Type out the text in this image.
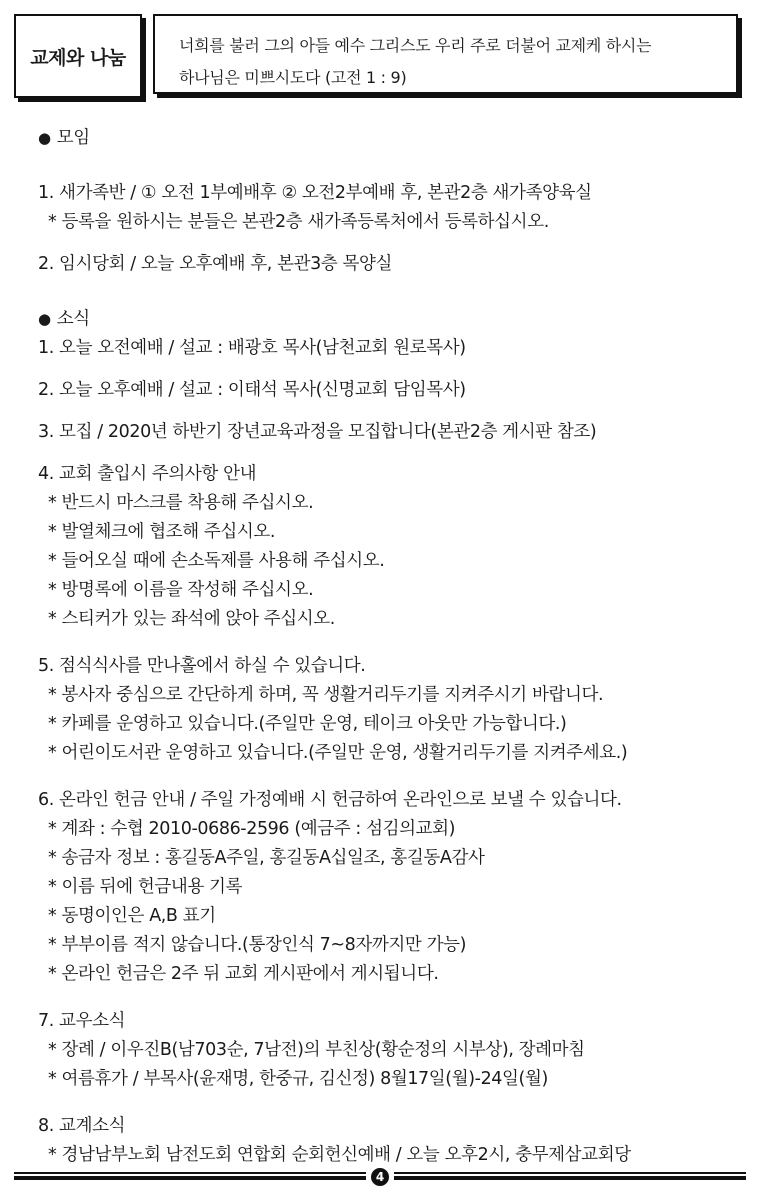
교제와 나눔
너희를 불러 그의 아들 예수 그리스도 우리 주로 더불어 교제케 하시는
하나님은 미쁘시도다 (고전 1 : 9)
● 모임
1. 새가족반 / ① 오전 1부예배후 ② 오전2부예배 후, 본관2층 새가족양육실
* 등록을 원하시는 분들은 본관2층 새가족등록처에서 등록하십시오.
2. 임시당회 / 오늘 오후예배 후, 본관3층 목양실
● 소식
1. 오늘 오전예배 / 설교 : 배광호 목사(남천교회 원로목사)
2. 오늘 오후예배 / 설교 : 이태석 목사(신명교회 담임목사)
3. 모집 / 2020년 하반기 장년교육과정을 모집합니다(본관2층 게시판 참조)
4. 교회 출입시 주의사항 안내
* 반드시 마스크를 착용해 주십시오.
* 발열체크에 협조해 주십시오.
* 들어오실 때에 손소독제를 사용해 주십시오.
* 방명록에 이름을 작성해 주십시오.
* 스티커가 있는 좌석에 앉아 주십시오.
5. 점식식사를 만나홀에서 하실 수 있습니다.
* 봉사자 중심으로 간단하게 하며, 꼭 생활거리두기를 지켜주시기 바랍니다.
* 카페를 운영하고 있습니다.(주일만 운영, 테이크 아웃만 가능합니다.)
* 어린이도서관 운영하고 있습니다.(주일만 운영, 생활거리두기를 지켜주세요.)
6. 온라인 헌금 안내 / 주일 가정예배 시 헌금하여 온라인으로 보낼 수 있습니다.
* 계좌 : 수협 2010-0686-2596 (예금주 : 섬김의교회)
* 송금자 정보 : 홍길동A주일, 홍길동A십일조, 홍길동A감사
* 이름 뒤에 헌금내용 기록
* 동명이인은 A,B 표기
* 부부이름 적지 않습니다.(통장인식 7~8자까지만 가능)
* 온라인 헌금은 2주 뒤 교회 게시판에서 게시됩니다.
7. 교우소식
* 장례 / 이우진B(남703순, 7남전)의 부친상(황순정의 시부상), 장례마침
* 여름휴가 / 부목사(윤재명, 한중규, 김신정) 8월17일(월)-24일(월)
8. 교계소식
* 경남남부노회 남전도회 연합회 순회헌신예배 / 오늘 오후2시, 충무제삼교회당
4
